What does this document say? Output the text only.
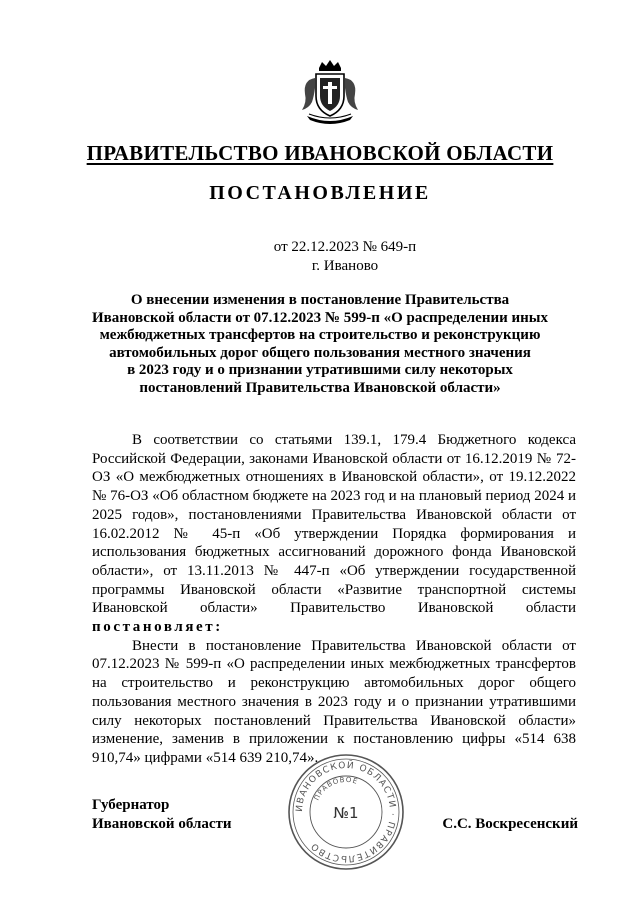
ПРАВИТЕЛЬСТВО ИВАНОВСКОЙ ОБЛАСТИ
ПОСТАНОВЛЕНИЕ
от 22.12.2023 № 649-п
г. Иваново
О внесении изменения в постановление Правительства
Ивановской области от 07.12.2023 № 599-п «О распределении иных
межбюджетных трансфертов на строительство и реконструкцию
автомобильных дорог общего пользования местного значения
в 2023 году и о признании утратившими силу некоторых
постановлений Правительства Ивановской области»

В соответствии со статьями 139.1, 179.4 Бюджетного кодекса Российской Федерации, законами Ивановской области от 16.12.2019 № 72-ОЗ «О межбюджетных отношениях в Ивановской области», от 19.12.2022 № 76-ОЗ «Об областном бюджете на 2023 год и на плановый период 2024 и 2025 годов», постановлениями Правительства Ивановской области от 16.02.2012 № 45-п «Об утверждении Порядка формирования и использования бюджетных ассигнований дорожного фонда Ивановской области», от 13.11.2013 № 447-п «Об утверждении государственной программы Ивановской области «Развитие транспортной системы Ивановской области» Правительство Ивановской области постановляет:

Внести в постановление Правительства Ивановской области от 07.12.2023 № 599-п «О распределении иных межбюджетных трансфертов на строительство и реконструкцию автомобильных дорог общего пользования местного значения в 2023 году и о признании утратившими силу некоторых постановлений Правительства Ивановской области» изменение, заменив в приложении к постановлению цифры «514 638 910,74» цифрами «514 639 210,74».

ИВАНОВСКОЙ ОБЛАСТИ · ПРАВИТЕЛЬСТВО
ПРАВОВОЕ
№1
Губернатор
Ивановской области	С.С. Воскресенский
